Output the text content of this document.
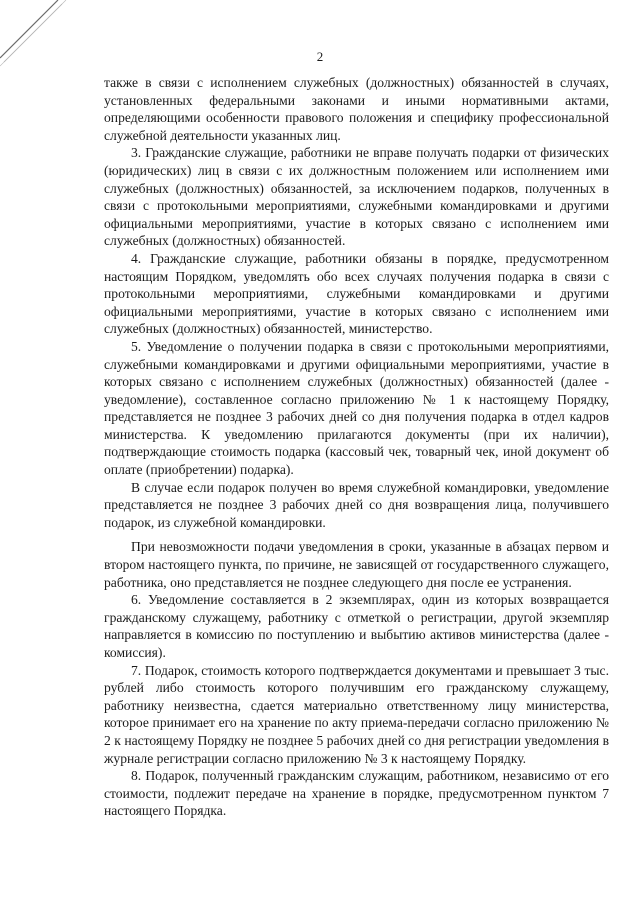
2

также в связи с исполнением служебных (должностных) обязанностей в случаях, установленных федеральными законами и иными нормативными актами, определяющими особенности правового положения и специфику профессиональной служебной деятельности указанных лиц.

3. Гражданские служащие, работники не вправе получать подарки от физических (юридических) лиц в связи с их должностным положением или исполнением ими служебных (должностных) обязанностей, за исключением подарков, полученных в связи с протокольными мероприятиями, служебными командировками и другими официальными мероприятиями, участие в которых связано с исполнением ими служебных (должностных) обязанностей.

4. Гражданские служащие, работники обязаны в порядке, предусмотренном настоящим Порядком, уведомлять обо всех случаях получения подарка в связи с протокольными мероприятиями, служебными командировками и другими официальными мероприятиями, участие в которых связано с исполнением ими служебных (должностных) обязанностей, министерство.

5. Уведомление о получении подарка в связи с протокольными мероприятиями, служебными командировками и другими официальными мероприятиями, участие в которых связано с исполнением служебных (должностных) обязанностей (далее - уведомление), составленное согласно приложению № 1 к настоящему Порядку, представляется не позднее 3 рабочих дней со дня получения подарка в отдел кадров министерства. К уведомлению прилагаются документы (при их наличии), подтверждающие стоимость подарка (кассовый чек, товарный чек, иной документ об оплате (приобретении) подарка).

В случае если подарок получен во время служебной командировки, уведомление представляется не позднее 3 рабочих дней со дня возвращения лица, получившего подарок, из служебной командировки.

При невозможности подачи уведомления в сроки, указанные в абзацах первом и втором настоящего пункта, по причине, не зависящей от государственного служащего, работника, оно представляется не позднее следующего дня после ее устранения.

6. Уведомление составляется в 2 экземплярах, один из которых возвращается гражданскому служащему, работнику с отметкой о регистрации, другой экземпляр направляется в комиссию по поступлению и выбытию активов министерства (далее - комиссия).

7. Подарок, стоимость которого подтверждается документами и превышает 3 тыс. рублей либо стоимость которого получившим его гражданскому служащему, работнику неизвестна, сдается материально ответственному лицу министерства, которое принимает его на хранение по акту приема-передачи согласно приложению № 2 к настоящему Порядку не позднее 5 рабочих дней со дня регистрации уведомления в журнале регистрации согласно приложению № 3 к настоящему Порядку.

8. Подарок, полученный гражданским служащим, работником, независимо от его стоимости, подлежит передаче на хранение в порядке, предусмотренном пунктом 7 настоящего Порядка.
